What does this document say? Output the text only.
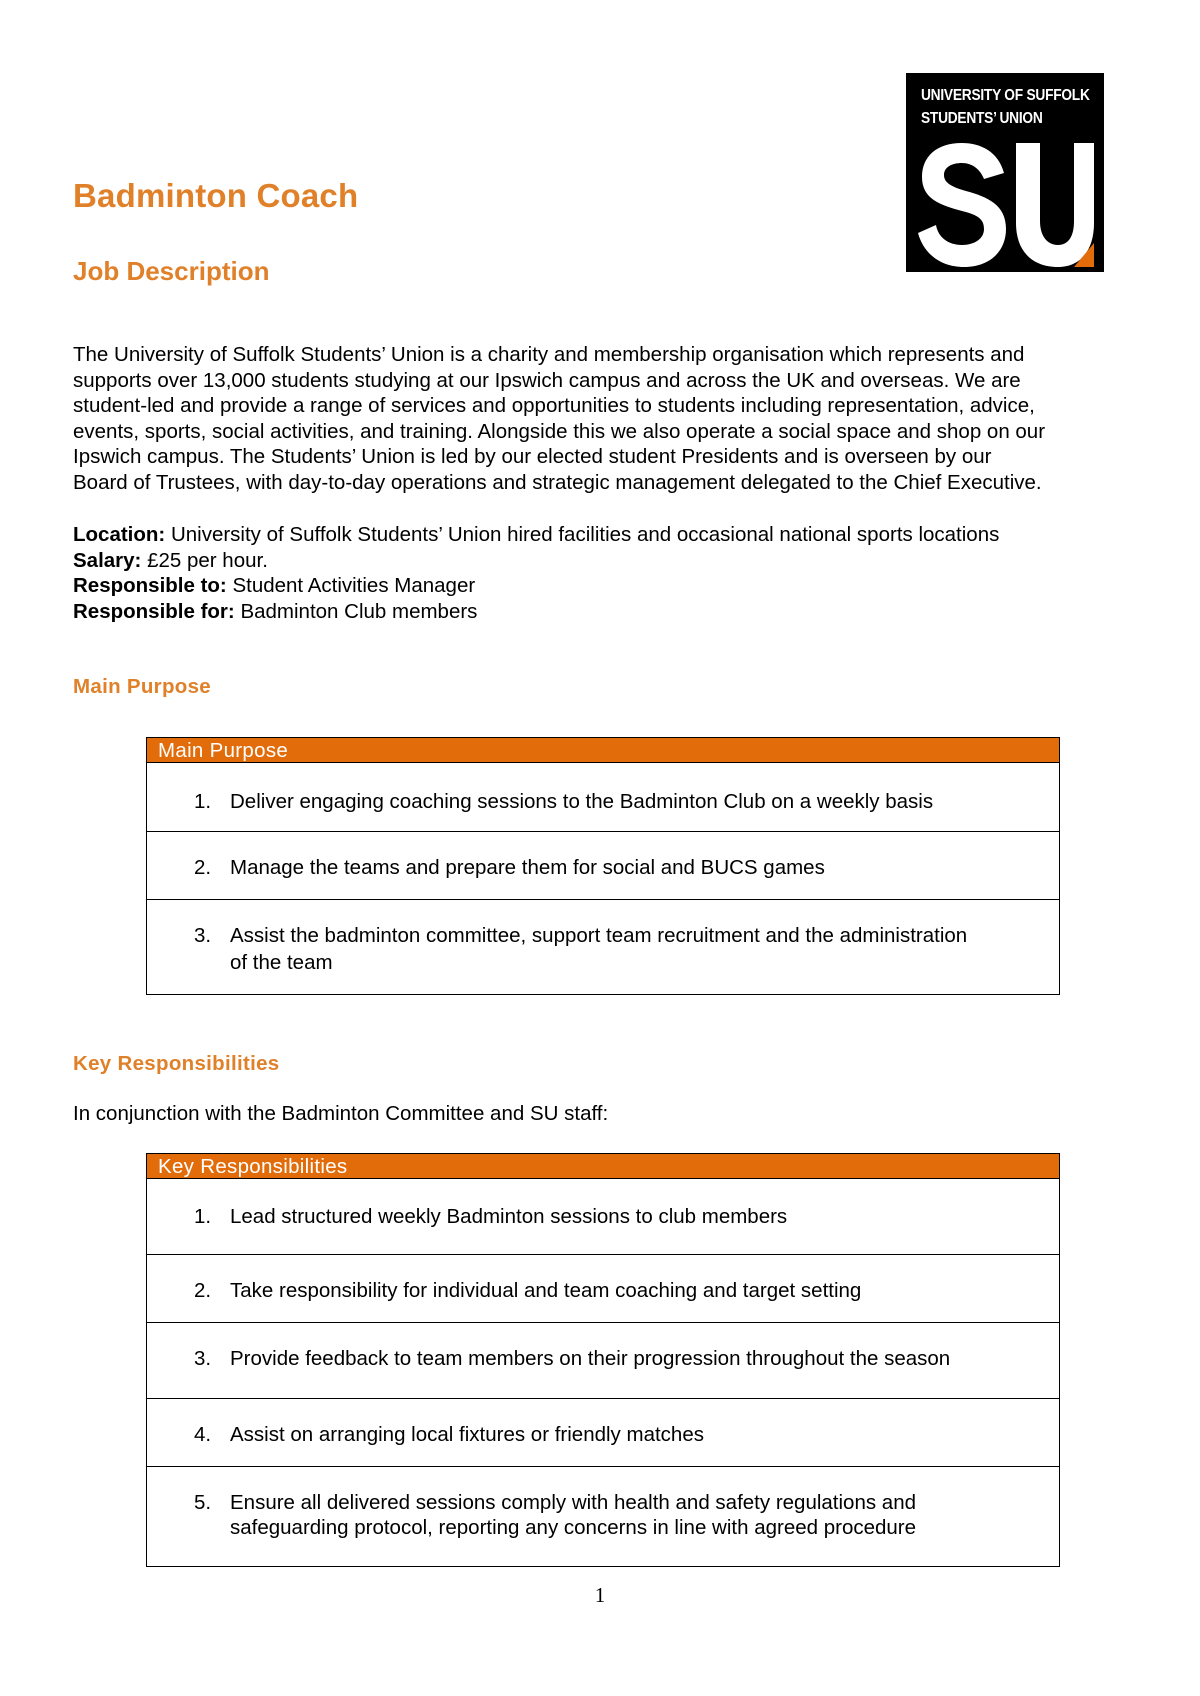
UNIVERSITY OF SUFFOLK
STUDENTS’ UNION
Badminton Coach
Job Description

The University of Suffolk Students’ Union is a charity and membership organisation which represents and
supports over 13,000 students studying at our Ipswich campus and across the UK and overseas. We are
student-led and provide a range of services and opportunities to students including representation, advice,
events, sports, social activities, and training. Alongside this we also operate a social space and shop on our
Ipswich campus. The Students’ Union is led by our elected student Presidents and is overseen by our
Board of Trustees, with day-to-day operations and strategic management delegated to the Chief Executive.

Location: University of Suffolk Students’ Union hired facilities and occasional national sports locations
Salary: £25 per hour.
Responsible to: Student Activities Manager
Responsible for: Badminton Club members
Main Purpose
Main Purpose
1. Deliver engaging coaching sessions to the Badminton Club on a weekly basis
2. Manage the teams and prepare them for social and BUCS games
3. Assist the badminton committee, support team recruitment and the administration
of the team
Key Responsibilities
In conjunction with the Badminton Committee and SU staff:
Key Responsibilities
1. Lead structured weekly Badminton sessions to club members
2. Take responsibility for individual and team coaching and target setting
3. Provide feedback to team members on their progression throughout the season
4. Assist on arranging local fixtures or friendly matches
5. Ensure all delivered sessions comply with health and safety regulations and
safeguarding protocol, reporting any concerns in line with agreed procedure
1
